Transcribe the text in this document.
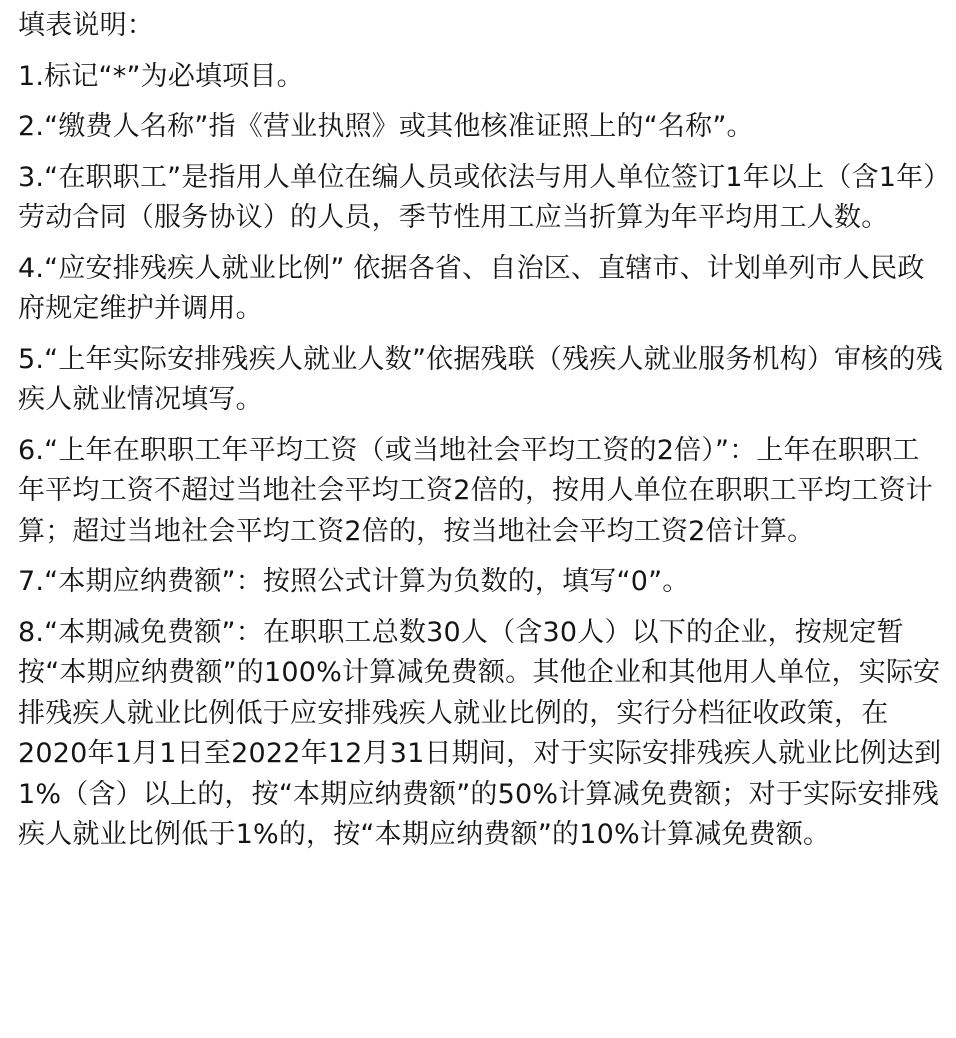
填表说明：
1.标记“*”为必填项目。
2.“缴费人名称”指《营业执照》或其他核准证照上的“名称”。
3.“在职职工”是指用人单位在编人员或依法与用人单位签订1年以上（含1年）劳动合同（服务协议）的人员，季节性用工应当折算为年平均用工人数。
4.“应安排残疾人就业比例” 依据各省、自治区、直辖市、计划单列市人民政府规定维护并调用。
5.“上年实际安排残疾人就业人数”依据残联（残疾人就业服务机构）审核的残疾人就业情况填写。
6.“上年在职职工年平均工资（或当地社会平均工资的2倍）”：上年在职职工年平均工资不超过当地社会平均工资2倍的，按用人单位在职职工平均工资计算；超过当地社会平均工资2倍的，按当地社会平均工资2倍计算。
7.“本期应纳费额”：按照公式计算为负数的，填写“0”。
8.“本期减免费额”：在职职工总数30人（含30人）以下的企业，按规定暂按“本期应纳费额”的100%计算减免费额。其他企业和其他用人单位，实际安排残疾人就业比例低于应安排残疾人就业比例的，实行分档征收政策，在2020年1月1日至2022年12月31日期间，对于实际安排残疾人就业比例达到1%（含）以上的，按“本期应纳费额”的50%计算减免费额；对于实际安排残疾人就业比例低于1%的，按“本期应纳费额”的10%计算减免费额。
